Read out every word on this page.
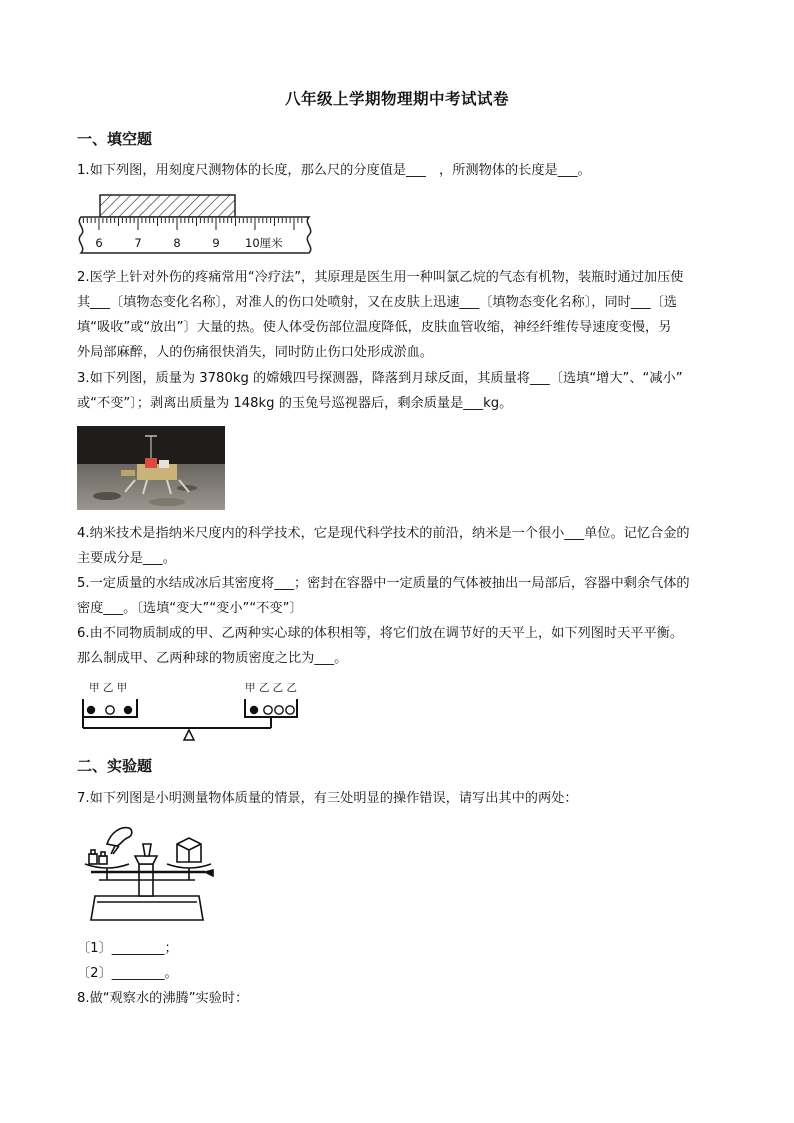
八年级上学期物理期中考试试卷
一、填空题
1.如下列图，用刻度尺测物体的长度，那么尺的分度值是___　，所测物体的长度是___。
6	7	8	9 10厘米
2.医学上针对外伤的疼痛常用“冷疗法”，其原理是医生用一种叫氯乙烷的气态有机物，装瓶时通过加压使
其___〔填物态变化名称〕，对准人的伤口处喷射，又在皮肤上迅速___〔填物态变化名称〕，同时___〔选
填“吸收”或“放出”〕大量的热。使人体受伤部位温度降低，皮肤血管收缩，神经纤维传导速度变慢，另
外局部麻醉，人的伤痛很快消失，同时防止伤口处形成淤血。
3.如下列图，质量为 3780kg 的嫦娥四号探测器，降落到月球反面，其质量将___〔选填“增大”、“减小”
或“不变”〕；剥离出质量为 148kg 的玉兔号巡视器后，剩余质量是___kg。
4.纳米技术是指纳米尺度内的科学技术，它是现代科学技术的前沿，纳米是一个很小___单位。记忆合金的
主要成分是___。
5.一定质量的水结成冰后其密度将___；密封在容器中一定质量的气体被抽出一局部后，容器中剩余气体的
密度___。〔选填“变大”“变小”“不变”〕
6.由不同物质制成的甲、乙两种实心球的体积相等，将它们放在调节好的天平上，如下列图时天平平衡。
那么制成甲、乙两种球的物质密度之比为___。
甲 乙 甲	甲 乙 乙 乙
二、实验题
7.如下列图是小明测量物体质量的情景，有三处明显的操作错误，请写出其中的两处：
〔1〕________；
〔2〕________。
8.做“观察水的沸腾”实验时：
